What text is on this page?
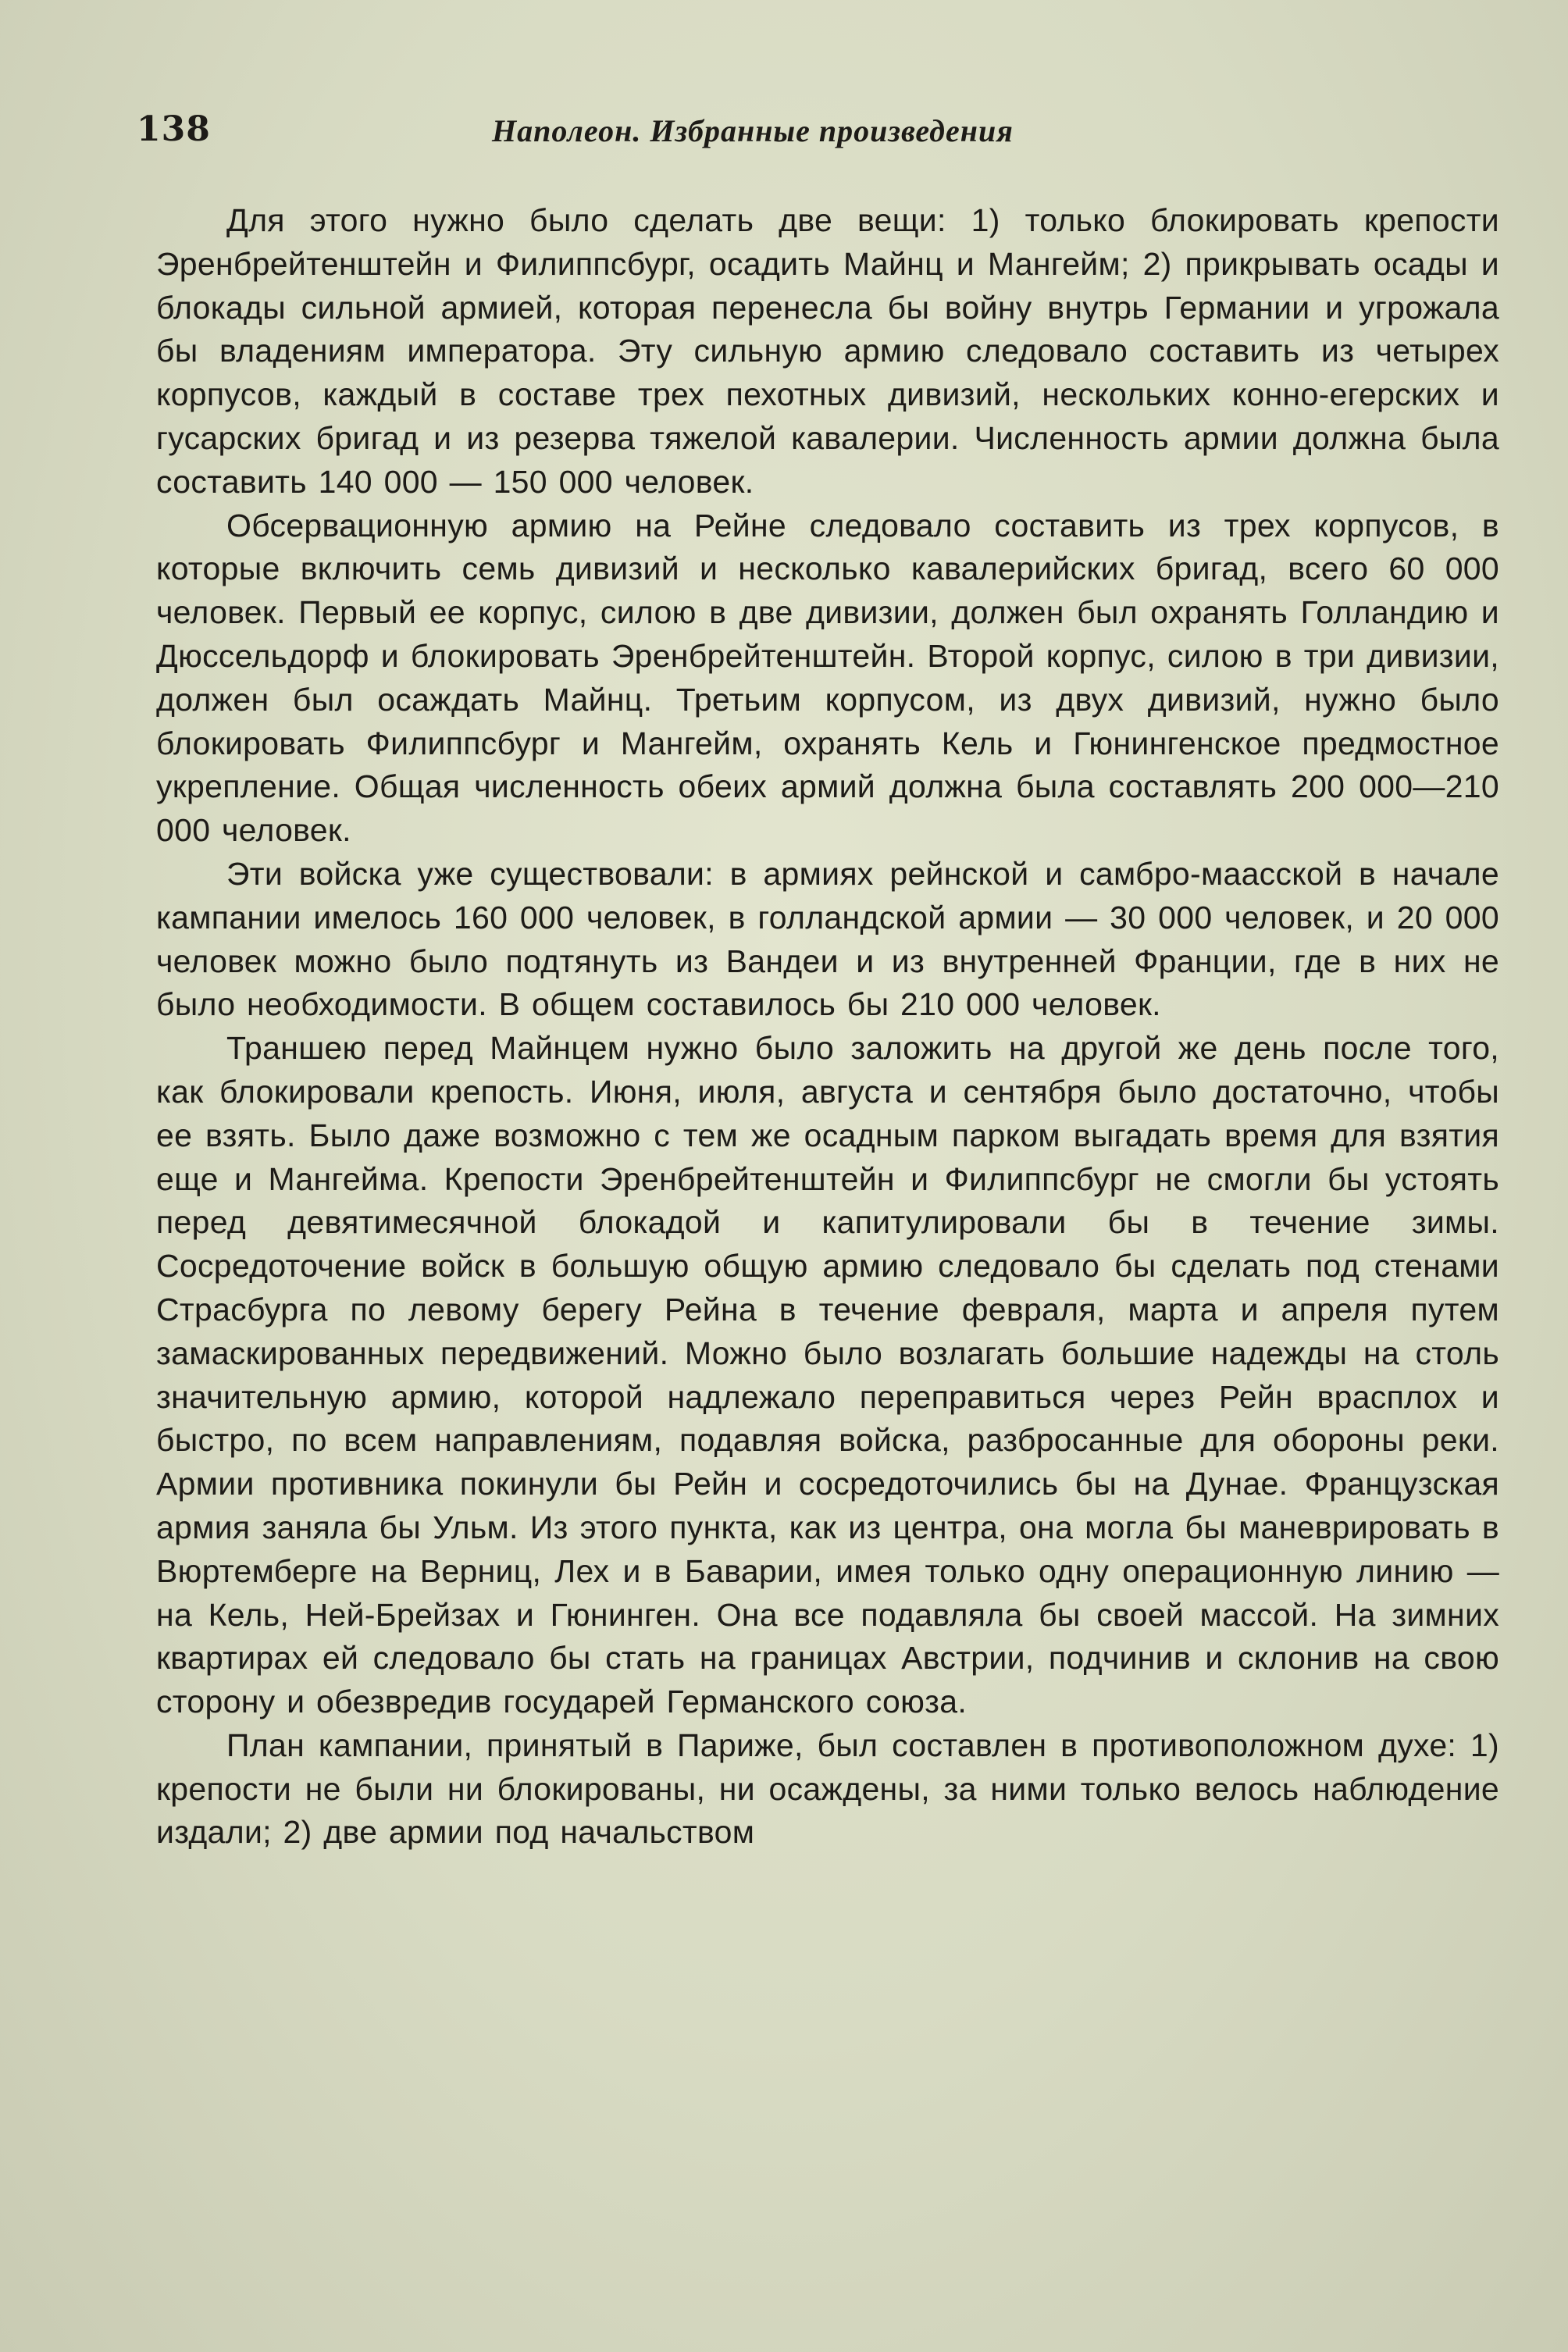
138	Наполеон. Избранные произведения

Для этого нужно было сделать две вещи: 1) только блокировать крепости Эренбрейтенштейн и Филиппсбург, осадить Майнц и Мангейм; 2) прикрывать осады и блокады сильной армией, которая перенесла бы войну внутрь Германии и угрожала бы владениям императора. Эту сильную армию следовало составить из четырех корпусов, каждый в составе трех пехотных дивизий, нескольких конно-егерских и гусарских бригад и из резерва тяжелой кавалерии. Численность армии должна была составить 140 000 — 150 000 человек.

Обсервационную армию на Рейне следовало составить из трех корпусов, в которые включить семь дивизий и несколько кавалерийских бригад, всего 60 000 человек. Первый ее корпус, силою в две дивизии, должен был охранять Голландию и Дюссельдорф и блокировать Эренбрейтенштейн. Второй корпус, силою в три дивизии, должен был осаждать Майнц. Третьим корпусом, из двух дивизий, нужно было блокировать Филиппсбург и Мангейм, охранять Кель и Гюнингенское предмостное укрепление. Общая численность обеих армий должна была составлять 200 000—210 000 человек.

Эти войска уже существовали: в армиях рейнской и самбро-маасской в начале кампании имелось 160 000 человек, в голландской армии — 30 000 человек, и 20 000 человек можно было подтянуть из Вандеи и из внутренней Франции, где в них не было необходимости. В общем составилось бы 210 000 человек.

Траншею перед Майнцем нужно было заложить на другой же день после того, как блокировали крепость. Июня, июля, августа и сентября было достаточно, чтобы ее взять. Было даже возможно с тем же осадным парком выгадать время для взятия еще и Мангейма. Крепости Эренбрейтенштейн и Филиппсбург не смогли бы устоять перед девятимесячной блокадой и капитулировали бы в течение зимы. Сосредоточение войск в большую общую армию следовало бы сделать под стенами Страсбурга по левому берегу Рейна в течение февраля, марта и апреля путем замаскированных передвижений. Можно было возлагать большие надежды на столь значительную армию, которой надлежало переправиться через Рейн врасплох и быстро, по всем направлениям, подавляя войска, разбросанные для обороны реки. Армии противника покинули бы Рейн и сосредоточились бы на Дунае. Французская армия заняла бы Ульм. Из этого пункта, как из центра, она могла бы маневрировать в Вюртемберге на Верниц, Лех и в Баварии, имея только одну операционную линию — на Кель, Ней-Брейзах и Гюнинген. Она все подавляла бы своей массой. На зимних квартирах ей следовало бы стать на границах Австрии, подчинив и склонив на свою сторону и обезвредив государей Германского союза.

План кампании, принятый в Париже, был составлен в противоположном духе: 1) крепости не были ни блокированы, ни осаждены, за ними только велось наблюдение издали; 2) две армии под начальством
